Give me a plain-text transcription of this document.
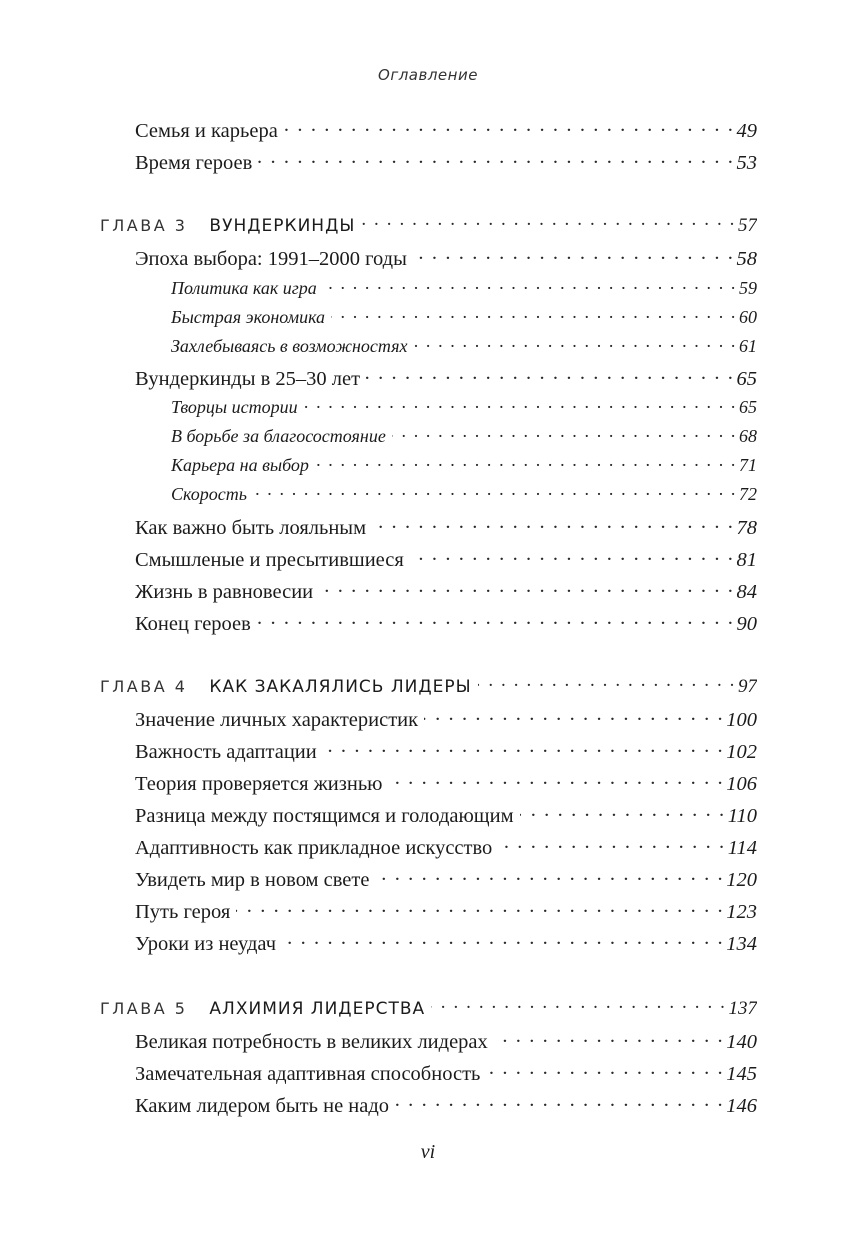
Оглавление
Семья и карьера . . .	49
Время героев . . .	53
ГЛАВА 3 ВУНДЕРКИНДЫ . . .	57
Эпоха выбора: 1991–2000 годы . . .	58
Политика как игра . . .	59
Быстрая экономика . . .	60
Захлебываясь в возможностях . . .	61
Вундеркинды в 25–30 лет . . .	65
Творцы истории . . .	65
В борьбе за благосостояние . . .	68
Карьера на выбор . . .	71
Скорость . . .	72
Как важно быть лояльным . . .	78
Смышленые и пресытившиеся . . .	81
Жизнь в равновесии . . .	84
Конец героев . . .	90
ГЛАВА 4 КАК ЗАКАЛЯЛИСЬ ЛИДЕРЫ . . .	97
Значение личных характеристик . . .	100
Важность адаптации . . .	102
Теория проверяется жизнью . . .	106
Разница между постящимся и голодающим . . .	110
Адаптивность как прикладное искусство . . .	114
Увидеть мир в новом свете . . .	120
Путь героя . . .	123
Уроки из неудач . . .	134
ГЛАВА 5 АЛХИМИЯ ЛИДЕРСТВА . . .	137
Великая потребность в великих лидерах . . .	140
Замечательная адаптивная способность . . .	145
Каким лидером быть не надо . . .	146
vi
